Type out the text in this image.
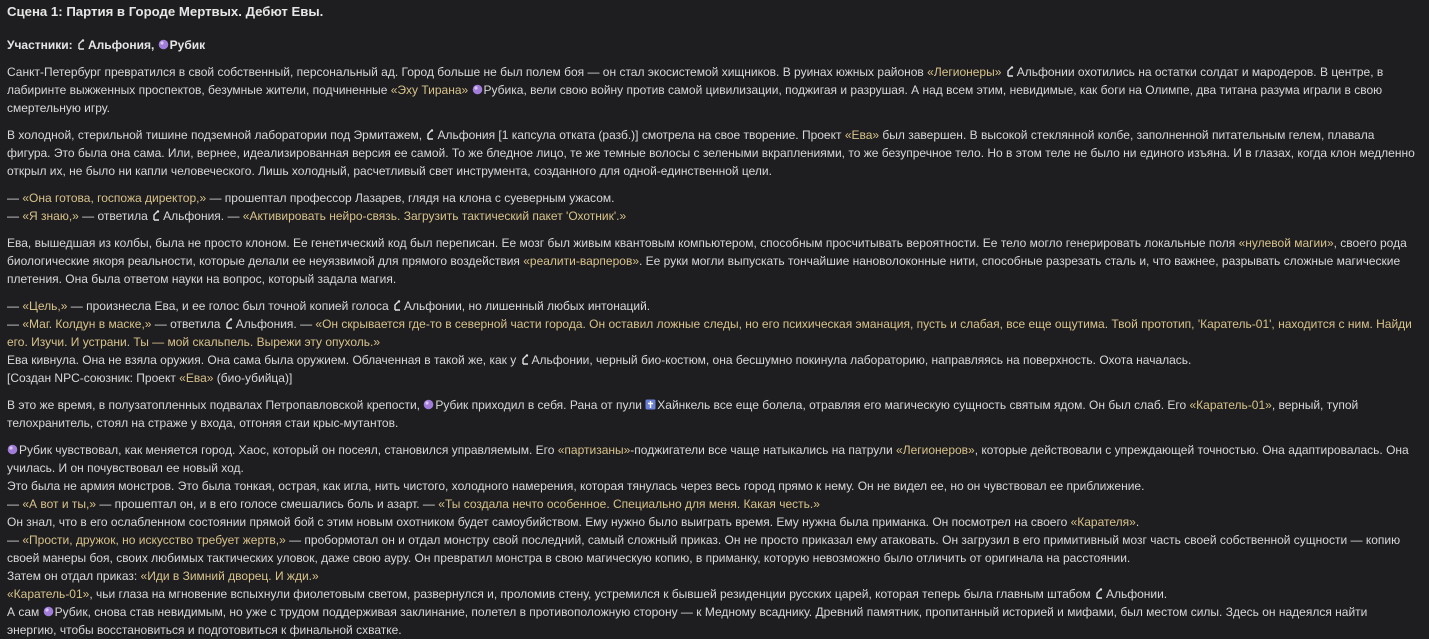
Сцена 1: Партия в Городе Мертвых. Дебют Евы.

Участники: Альфония, Рубик

Санкт-Петербург превратился в свой собственный, персональный ад. Город больше не был полем боя — он стал экосистемой хищников. В руинах южных районов «Легионеры» Альфонии охотились на остатки солдат и мародеров. В центре, в лабиринте выжженных проспектов, безумные жители, подчиненные «Эху Тирана» Рубика, вели свою войну против самой цивилизации, поджигая и разрушая. А над всем этим, невидимые, как боги на Олимпе, два титана разума играли в свою смертельную игру.

В холодной, стерильной тишине подземной лаборатории под Эрмитажем, Альфония [1 капсула отката (разб.)] смотрела на свое творение. Проект «Ева» был завершен. В высокой стеклянной колбе, заполненной питательным гелем, плавала фигура. Это была она сама. Или, вернее, идеализированная версия ее самой. То же бледное лицо, те же темные волосы с зелеными вкраплениями, то же безупречное тело. Но в этом теле не было ни единого изъяна. И в глазах, когда клон медленно открыл их, не было ни капли человеческого. Лишь холодный, расчетливый свет инструмента, созданного для одной-единственной цели.

— «Она готова, госпожа директор,» — прошептал профессор Лазарев, глядя на клона с суеверным ужасом.
— «Я знаю,» — ответила Альфония. — «Активировать нейро-связь. Загрузить тактический пакет 'Охотник'.»

Ева, вышедшая из колбы, была не просто клоном. Ее генетический код был переписан. Ее мозг был живым квантовым компьютером, способным просчитывать вероятности. Ее тело могло генерировать локальные поля «нулевой магии», своего рода биологические якоря реальности, которые делали ее неуязвимой для прямого воздействия «реалити-варперов». Ее руки могли выпускать тончайшие нановолоконные нити, способные разрезать сталь и, что важнее, разрывать сложные магические плетения. Она была ответом науки на вопрос, который задала магия.

— «Цель,» — произнесла Ева, и ее голос был точной копией голоса Альфонии, но лишенный любых интонаций.
— «Маг. Колдун в маске,» — ответила Альфония. — «Он скрывается где-то в северной части города. Он оставил ложные следы, но его психическая эманация, пусть и слабая, все еще ощутима. Твой прототип, 'Каратель-01', находится с ним. Найди его. Изучи. И устрани. Ты — мой скальпель. Вырежи эту опухоль.»
Ева кивнула. Она не взяла оружия. Она сама была оружием. Облаченная в такой же, как у Альфонии, черный био-костюм, она бесшумно покинула лабораторию, направляясь на поверхность. Охота началась.
[Создан NPC-союзник: Проект «Ева» (био-убийца)]

В это же время, в полузатопленных подвалах Петропавловской крепости, Рубик приходил в себя. Рана от пули Хайнкель все еще болела, отравляя его магическую сущность святым ядом. Он был слаб. Его «Каратель-01», верный, тупой телохранитель, стоял на страже у входа, отгоняя стаи крыс-мутантов.

Рубик чувствовал, как меняется город. Хаос, который он посеял, становился управляемым. Его «партизаны»-поджигатели все чаще натыкались на патрули «Легионеров», которые действовали с упреждающей точностью. Она адаптировалась. Она училась. И он почувствовал ее новый ход.
Это была не армия монстров. Это была тонкая, острая, как игла, нить чистого, холодного намерения, которая тянулась через весь город прямо к нему. Он не видел ее, но он чувствовал ее приближение.
— «А вот и ты,» — прошептал он, и в его голосе смешались боль и азарт. — «Ты создала нечто особенное. Специально для меня. Какая честь.»
Он знал, что в его ослабленном состоянии прямой бой с этим новым охотником будет самоубийством. Ему нужно было выиграть время. Ему нужна была приманка. Он посмотрел на своего «Карателя».
— «Прости, дружок, но искусство требует жертв,» — пробормотал он и отдал монстру свой последний, самый сложный приказ. Он не просто приказал ему атаковать. Он загрузил в его примитивный мозг часть своей собственной сущности — копию своей манеры боя, своих любимых тактических уловок, даже свою ауру. Он превратил монстра в свою магическую копию, в приманку, которую невозможно было отличить от оригинала на расстоянии.
Затем он отдал приказ: «Иди в Зимний дворец. И жди.»
«Каратель-01», чьи глаза на мгновение вспыхнули фиолетовым светом, развернулся и, проломив стену, устремился к бывшей резиденции русских царей, которая теперь была главным штабом Альфонии.
А сам Рубик, снова став невидимым, но уже с трудом поддерживая заклинание, полетел в противоположную сторону — к Медному всаднику. Древний памятник, пропитанный историей и мифами, был местом силы. Здесь он надеялся найти энергию, чтобы восстановиться и подготовиться к финальной схватке.
